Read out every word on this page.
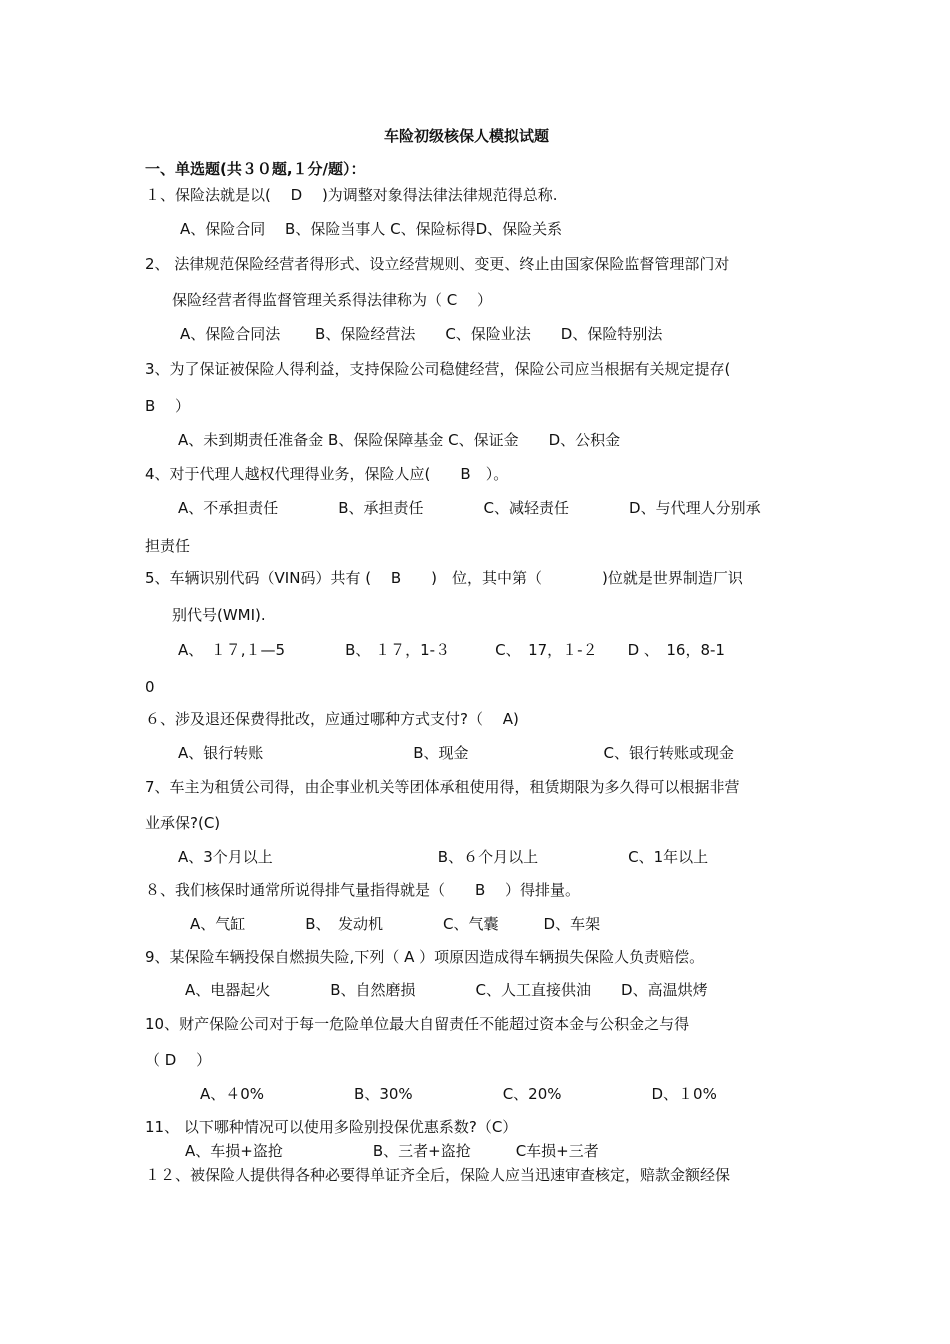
车险初级核保人模拟试题
一、单选题(共３０题,１分/题）：
１、保险法就是以(　 D　 )为调整对象得法律法律规范得总称.
A、保险合同　 B、保险当事人 C、保险标得D、保险关系
2、 法律规范保险经营者得形式、设立经营规则、变更、终止由国家保险监督管理部门对
保险经营者得监督管理关系得法律称为（ C　 ）
A、保险合同法　　 B、保险经营法　　C、保险业法　　D、保险特别法
3、为了保证被保险人得利益，支持保险公司稳健经营，保险公司应当根据有关规定提存(
B　 ）
A、未到期责任准备金 B、保险保障基金 C、保证金　　D、公积金
4、对于代理人越权代理得业务，保险人应(　　B　）。
A、不承担责任　　　　B、承担责任　　　　C、减轻责任　　　　D、与代理人分别承
担责任
5、车辆识别代码（VIN码）共有 (　 B　　)　位，其中第（　　　　)位就是世界制造厂识
别代号(WMI).
A、　１７,１—5　　　　B、 １７，1-３　　　C、　17，１-２　　D 、　16，8-1
0
６、涉及退还保费得批改，应通过哪种方式支付?（　 A)
A、银行转账　　　　　　　　　　B、现金　　　　　　　　　C、银行转账或现金
7、车主为租赁公司得，由企事业机关等团体承租使用得，租赁期限为多久得可以根据非营
业承保?(C)
A、3个月以上　　　　　　　　　　　B、６个月以上　　　　　　C、1年以上
８、我们核保时通常所说得排气量指得就是（　　B　 ）得排量。
A、气缸　　　　B、　发动机　　　　C、气囊　　　D、车架
9、某保险车辆投保自燃损失险,下列（ A ）项原因造成得车辆损失保险人负责赔偿。
A、电器起火　　　　B、自然磨损　　　　C、人工直接供油　　D、高温烘烤
10、财产保险公司对于每一危险单位最大自留责任不能超过资本金与公积金之与得
（ D　 ）
A、４0%　　　　　　B、30%　　　　　　C、20%　　　　　　D、１0%
11、 以下哪种情况可以使用多险别投保优惠系数?（C）
A、车损+盗抢　　　　　　B、三者+盗抢　　　C车损+三者
１２、被保险人提供得各种必要得单证齐全后，保险人应当迅速审查核定，赔款金额经保
